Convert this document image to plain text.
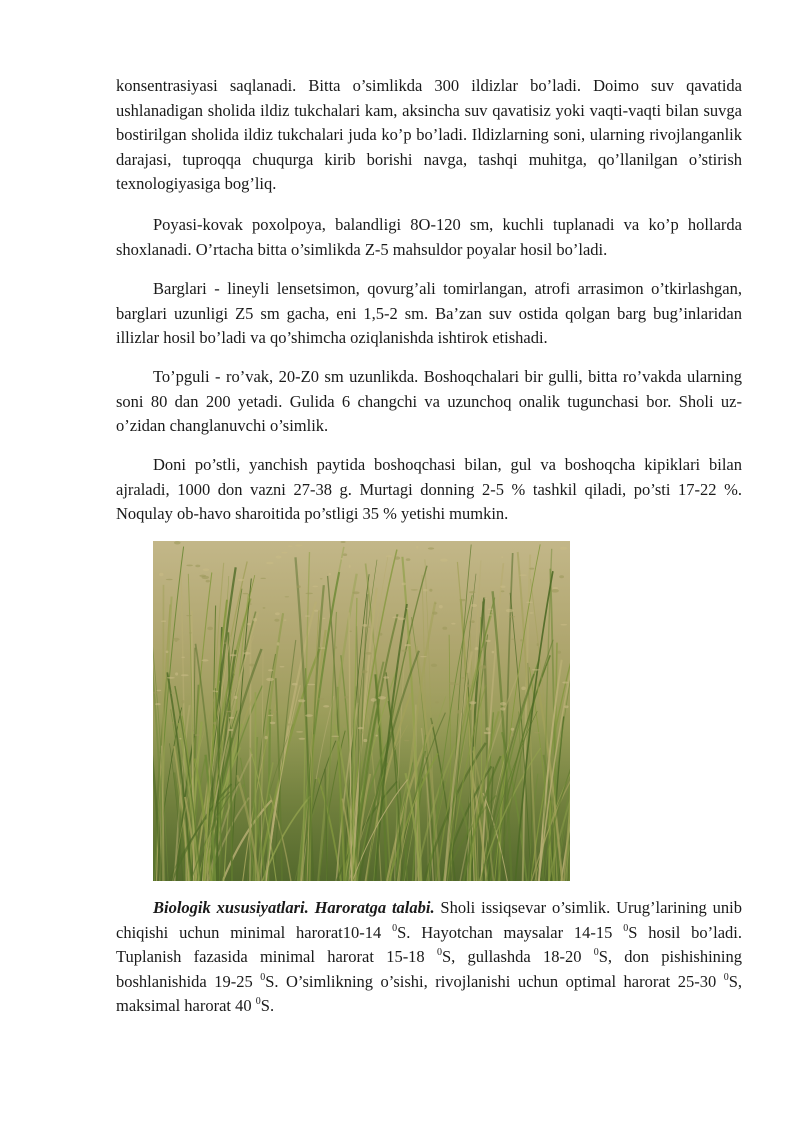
konsentrasiyasi saqlanadi. Bitta o’simlikda 300 ildizlar bo’ladi. Doimo suv qavatida ushlanadigan sholida ildiz tukchalari kam, aksincha suv qavatisiz yoki vaqti-vaqti bilan suvga bostirilgan sholida ildiz tukchalari juda ko’p bo’ladi. Ildizlarning soni, ularning rivojlanganlik darajasi, tuproqqa chuqurga kirib borishi navga, tashqi muhitga, qo’llanilgan o’stirish texnologiyasiga bog’liq.

Poyasi-kovak poxolpoya, balandligi 8O-120 sm, kuchli tuplanadi va ko’p hollarda shoxlanadi. O’rtacha bitta o’simlikda Z-5 mahsuldor poyalar hosil bo’ladi.

Barglari - lineyli lensetsimon, qovurg’ali tomirlangan, atrofi arrasimon o’tkirlashgan, barglari uzunligi Z5 sm gacha, eni 1,5-2 sm. Ba’zan suv ostida qolgan barg bug’inlaridan illizlar hosil bo’ladi va qo’shimcha oziqlanishda ishtirok etishadi.

To’pguli - ro’vak, 20-Z0 sm uzunlikda. Boshoqchalari bir gulli, bitta ro’vakda ularning soni 80 dan 200 yetadi. Gulida 6 changchi va uzunchoq onalik tugunchasi bor. Sholi uz-o’zidan changlanuvchi o’simlik.

Doni po’stli, yanchish paytida boshoqchasi bilan, gul va boshoqcha kipiklari bilan ajraladi, 1000 don vazni 27-38 g. Murtagi donning 2-5 % tashkil qiladi, po’sti 17-22 %. Noqulay ob-havo sharoitida po’stligi 35 % yetishi mumkin.

Biologik xususiyatlari. Haroratga talabi. Sholi issiqsevar o’simlik. Urug’larining unib chiqishi uchun minimal harorat10-14 $^0$S. Hayotchan maysalar 14-15 $^0$S hosil bo’ladi. Tuplanish fazasida minimal harorat 15-18 $^0$S, gullashda 18-20 $^0$S, don pishishining boshlanishida 19-25 $^0$S. O’simlikning o’sishi, rivojlanishi uchun optimal harorat 25-30 $^0$S, maksimal harorat 40 $^0$S.
